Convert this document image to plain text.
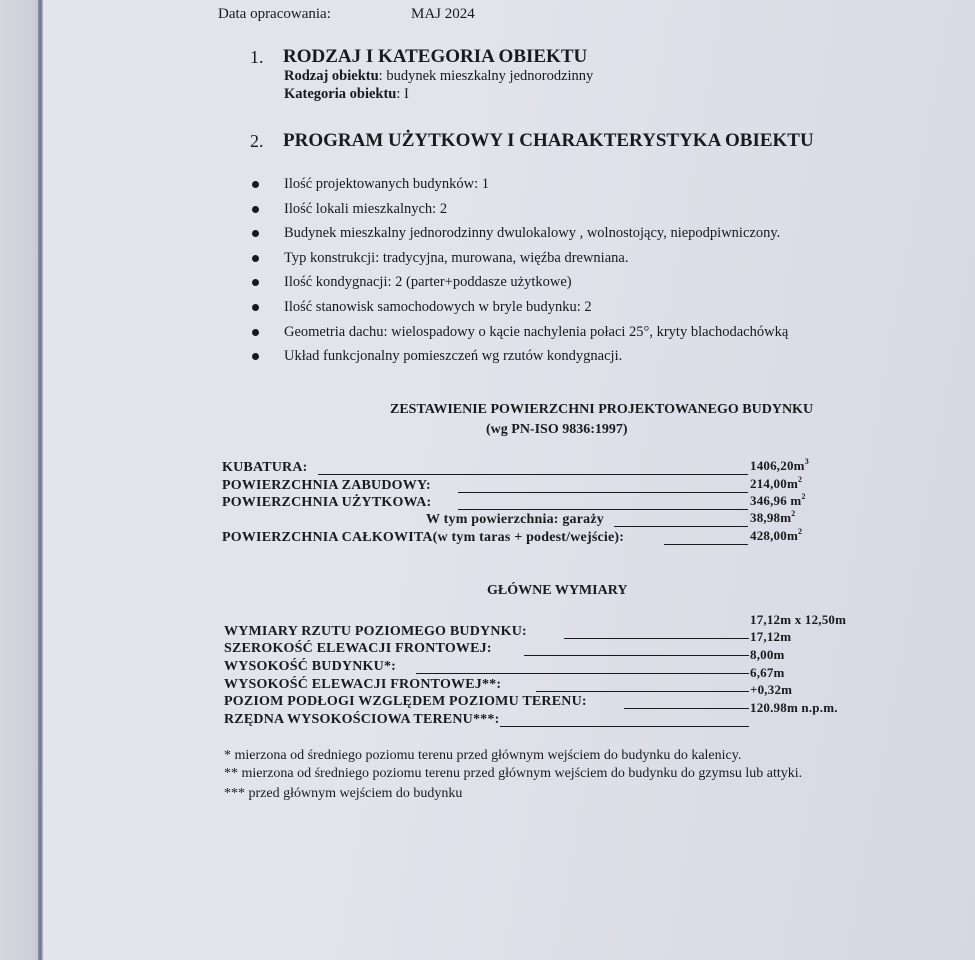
Data opracowania:	MAJ 2024
1. RODZAJ I KATEGORIA OBIEKTU
Rodzaj obiektu: budynek mieszkalny jednorodzinny
Kategoria obiektu: I
2. PROGRAM UŻYTKOWY I CHARAKTERYSTYKA OBIEKTU
Ilość projektowanych budynków: 1
Ilość lokali mieszkalnych: 2
Budynek mieszkalny jednorodzinny dwulokalowy , wolnostojący, niepodpiwniczony.
Typ konstrukcji: tradycyjna, murowana, więźba drewniana.
Ilość kondygnacji: 2 (parter+poddasze użytkowe)
Ilość stanowisk samochodowych w bryle budynku: 2
Geometria dachu: wielospadowy o kącie nachylenia połaci 25°, kryty blachodachówką
Układ funkcjonalny pomieszczeń wg rzutów kondygnacji.
ZESTAWIENIE POWIERZCHNI PROJEKTOWANEGO BUDYNKU
(wg PN-ISO 9836:1997)
KUBATURA:	$1406,20m^3$
POWIERZCHNIA ZABUDOWY:	$214,00m^2$
POWIERZCHNIA UŻYTKOWA:	346,96 $m^2$
W tym powierzchnia: garaży	$38,98m^2$
POWIERZCHNIA CAŁKOWITA(w tym taras + podest/wejście):	$428,00m^2$
GŁÓWNE WYMIARY
WYMIARY RZUTU POZIOMEGO BUDYNKU:
17,12m x 12,50m
SZEROKOŚĆ ELEWACJI FRONTOWEJ:
17,12m
WYSOKOŚĆ BUDYNKU*:
8,00m
WYSOKOŚĆ ELEWACJI FRONTOWEJ**:
6,67m
POZIOM PODŁOGI WZGLĘDEM POZIOMU TERENU:
+0,32m
RZĘDNA WYSOKOŚCIOWA TERENU***:
120.98m n.p.m.
* mierzona od średniego poziomu terenu przed głównym wejściem do budynku do kalenicy.
** mierzona od średniego poziomu terenu przed głównym wejściem do budynku do gzymsu lub attyki.
*** przed głównym wejściem do budynku
